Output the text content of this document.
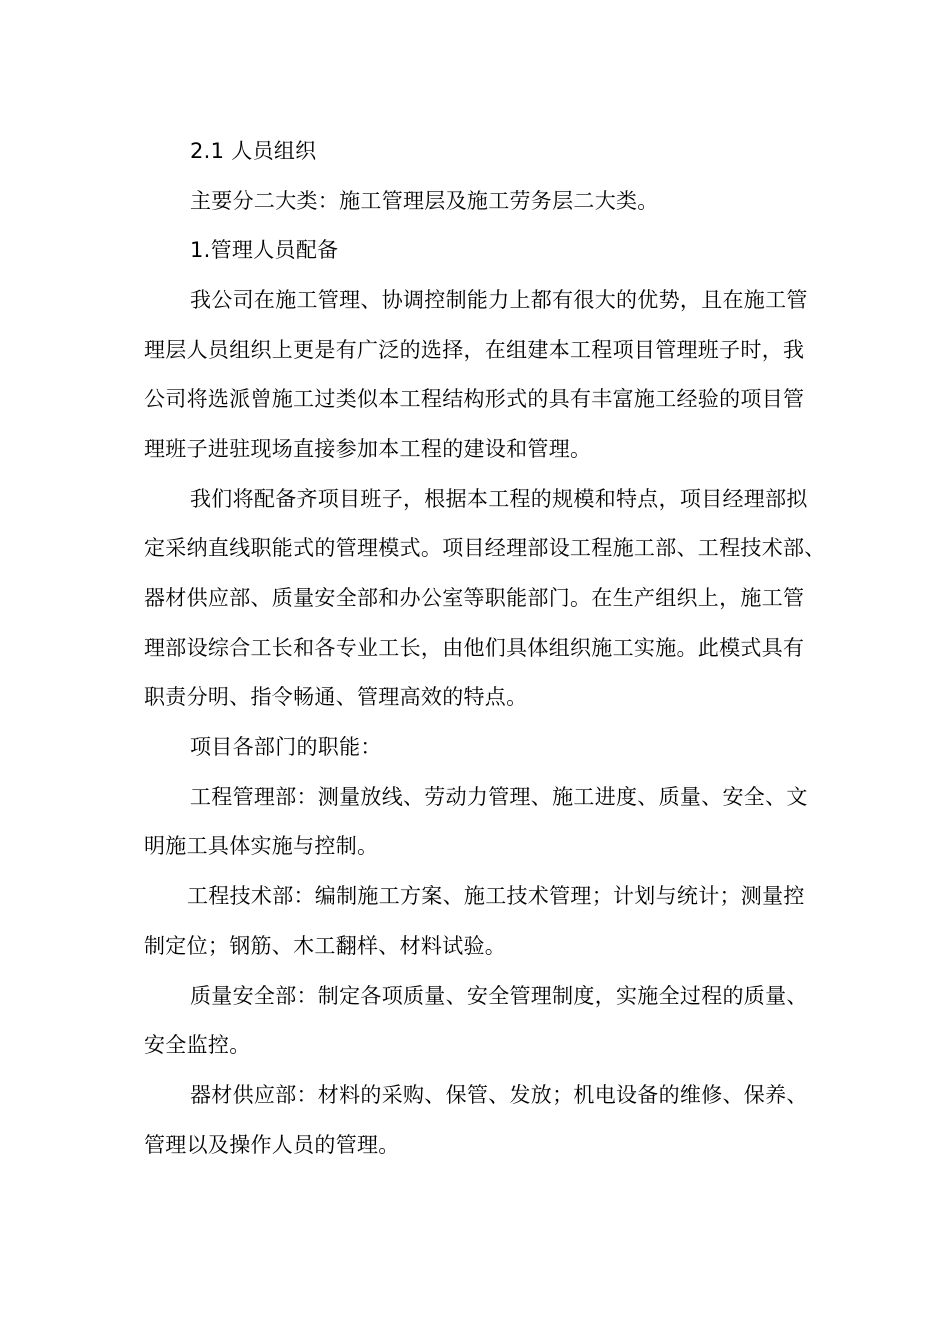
2.1 人员组织
主要分二大类：施工管理层及施工劳务层二大类。
1.管理人员配备
我公司在施工管理、协调控制能力上都有很大的优势，且在施工管
理层人员组织上更是有广泛的选择，在组建本工程项目管理班子时，我
公司将选派曾施工过类似本工程结构形式的具有丰富施工经验的项目管
理班子进驻现场直接参加本工程的建设和管理。
我们将配备齐项目班子，根据本工程的规模和特点，项目经理部拟
定采纳直线职能式的管理模式。项目经理部设工程施工部、工程技术部、
器材供应部、质量安全部和办公室等职能部门。在生产组织上，施工管
理部设综合工长和各专业工长，由他们具体组织施工实施。此模式具有
职责分明、指令畅通、管理高效的特点。
项目各部门的职能：
工程管理部：测量放线、劳动力管理、施工进度、质量、安全、文
明施工具体实施与控制。
工程技术部：编制施工方案、施工技术管理；计划与统计；测量控
制定位；钢筋、木工翻样、材料试验。
质量安全部：制定各项质量、安全管理制度，实施全过程的质量、
安全监控。
器材供应部：材料的采购、保管、发放；机电设备的维修、保养、
管理以及操作人员的管理。
